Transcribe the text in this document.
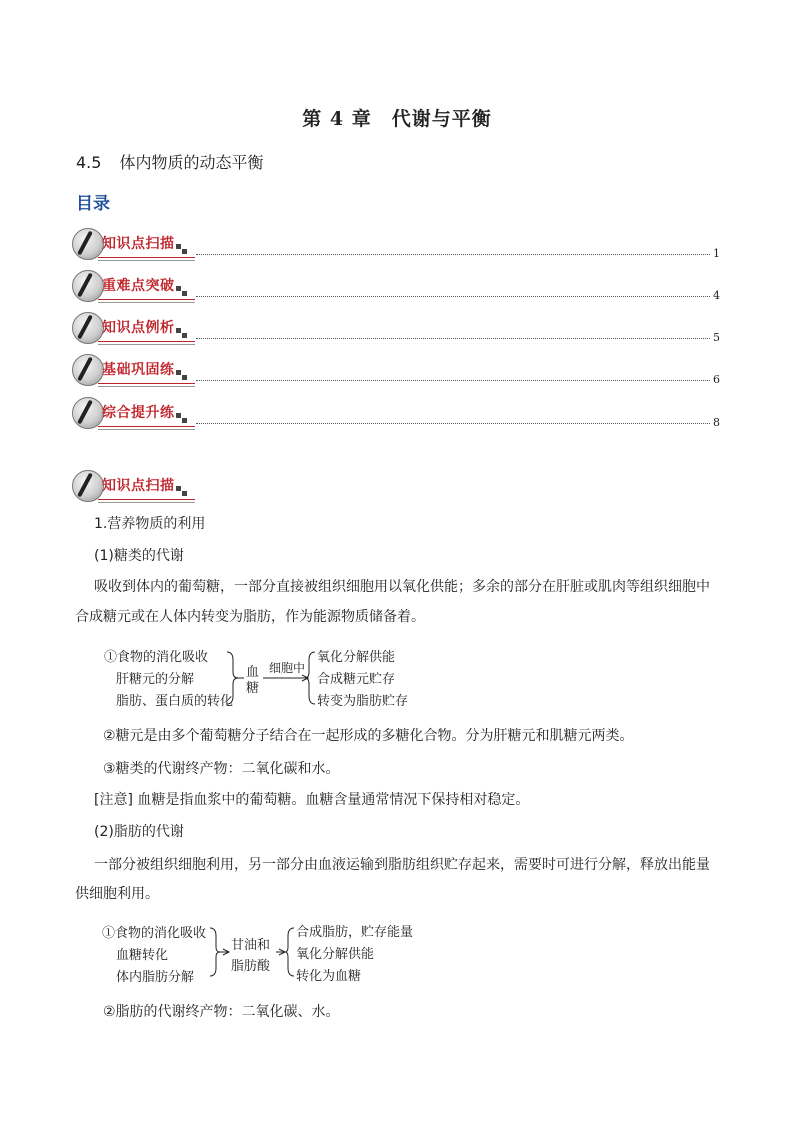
第 4 章　代谢与平衡
4.5 体内物质的动态平衡
目录
知识点扫描
1
重难点突破
4
知识点例析
5
基础巩固练
6
综合提升练
8
知识点扫描
1.营养物质的利用
(1)糖类的代谢
吸收到体内的葡萄糖，一部分直接被组织细胞用以氧化供能；多余的部分在肝脏或肌肉等组织细胞中
合成糖元或在人体内转变为脂肪，作为能源物质储备着。
①食物的消化吸收
肝糖元的分解
脂肪、蛋白质的转化
血
糖
细胞中
氧化分解供能
合成糖元贮存
转变为脂肪贮存
②糖元是由多个葡萄糖分子结合在一起形成的多糖化合物。分为肝糖元和肌糖元两类。
③糖类的代谢终产物：二氧化碳和水。
[注意] 血糖是指血浆中的葡萄糖。血糖含量通常情况下保持相对稳定。
(2)脂肪的代谢
一部分被组织细胞利用，另一部分由血液运输到脂肪组织贮存起来，需要时可进行分解，释放出能量
供细胞利用。
①食物的消化吸收
血糖转化
体内脂肪分解
甘油和
脂肪酸
合成脂肪，贮存能量
氧化分解供能
转化为血糖
②脂肪的代谢终产物：二氧化碳、水。
